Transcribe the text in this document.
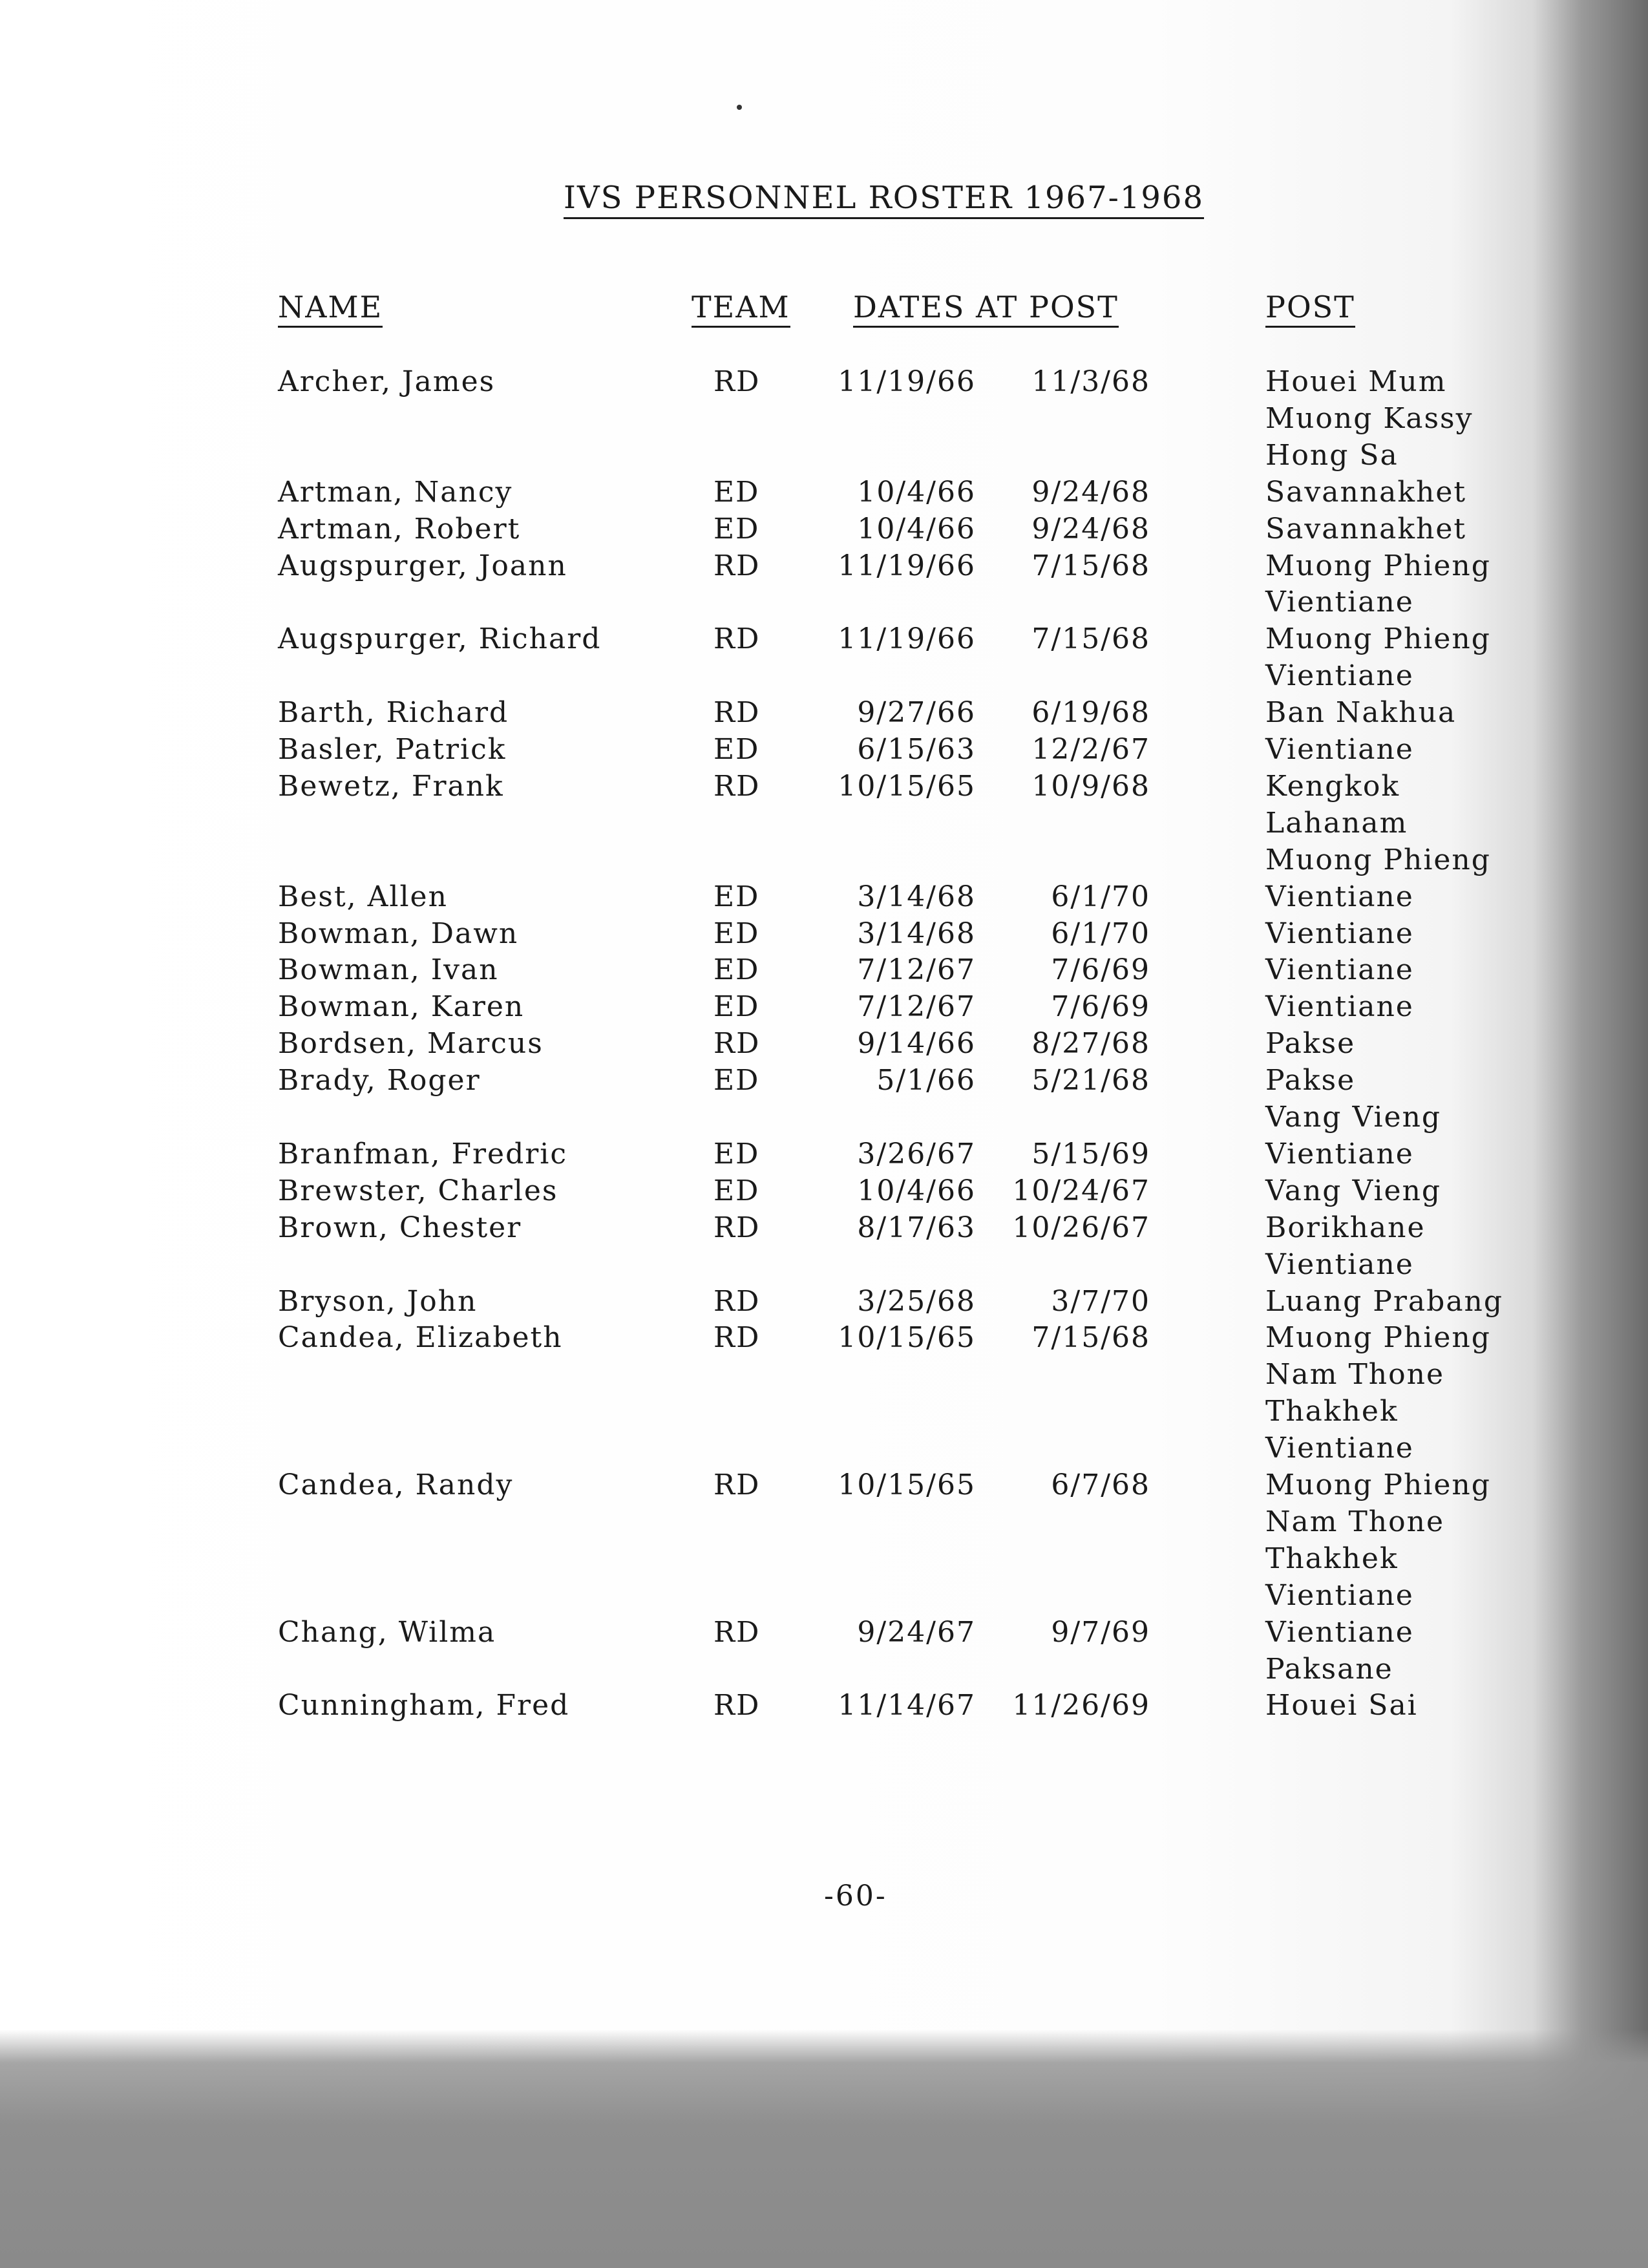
IVS PERSONNEL ROSTER 1967-1968
NAME	TEAM DATES AT POST	POST
Archer, James	RD	11/19/66	11/3/68	Houei Mum
Muong Kassy
Hong Sa
Artman, Nancy	ED	10/4/66	9/24/68	Savannakhet
Artman, Robert	ED	10/4/66	9/24/68	Savannakhet
Augspurger, Joann	RD	11/19/66	7/15/68	Muong Phieng
Vientiane
Augspurger, Richard	RD	11/19/66	7/15/68	Muong Phieng
Vientiane
Barth, Richard	RD	9/27/66	6/19/68	Ban Nakhua
Basler, Patrick	ED	6/15/63	12/2/67	Vientiane
Bewetz, Frank	RD	10/15/65	10/9/68	Kengkok
Lahanam
Muong Phieng
Best, Allen	ED	3/14/68	6/1/70	Vientiane
Bowman, Dawn	ED	3/14/68	6/1/70	Vientiane
Bowman, Ivan	ED	7/12/67	7/6/69	Vientiane
Bowman, Karen	ED	7/12/67	7/6/69	Vientiane
Bordsen, Marcus	RD	9/14/66	8/27/68	Pakse
Brady, Roger	ED	5/1/66	5/21/68	Pakse
Vang Vieng
Branfman, Fredric	ED	3/26/67	5/15/69	Vientiane
Brewster, Charles	ED	10/4/66	10/24/67	Vang Vieng
Brown, Chester	RD	8/17/63	10/26/67	Borikhane
Vientiane
Bryson, John	RD	3/25/68	3/7/70	Luang Prabang
Candea, Elizabeth	RD	10/15/65	7/15/68	Muong Phieng
Nam Thone
Thakhek
Vientiane
Candea, Randy	RD	10/15/65	6/7/68	Muong Phieng
Nam Thone
Thakhek
Vientiane
Chang, Wilma	RD	9/24/67	9/7/69	Vientiane
Paksane
Cunningham, Fred	RD	11/14/67	11/26/69	Houei Sai
-60-
